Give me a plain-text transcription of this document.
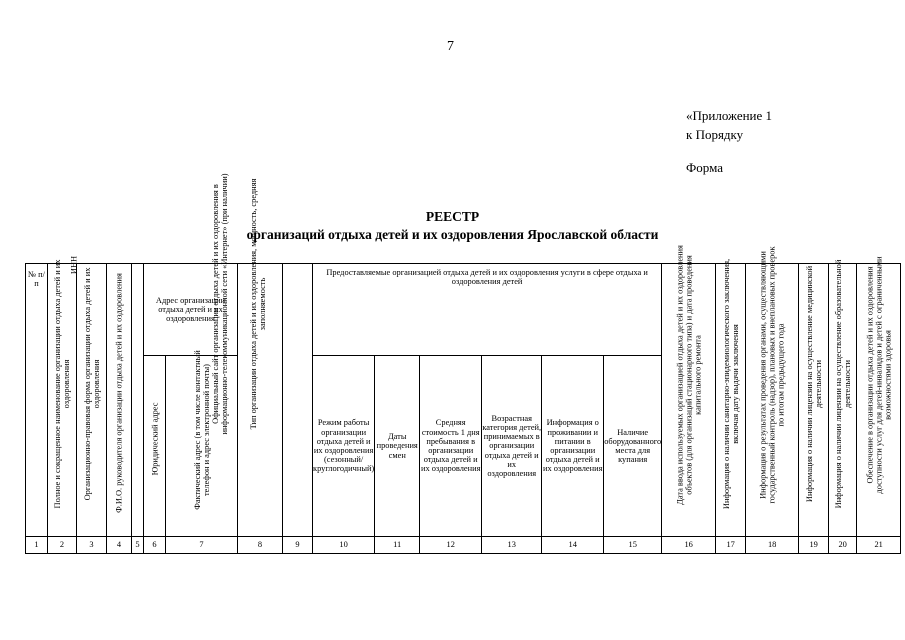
7
«Приложение 1
к Порядку
Форма
РЕЕСТР
организаций отдыха детей и их оздоровления Ярославской области
№ п/п	Полное и сокращенное наименование организации отдыха детей и их оздоровления	Организационно-правовая форма организации отдыха детей и их оздоровления	Ф.И.О. руководителя организации отдыха детей и их оздоровления	ИНН	Адрес организации отдыха детей и их оздоровления		Официальный сайт организации отдыха детей и их оздоровления в информационно-телекоммуникационной сети «Интернет» (при наличии)	Тип организации отдыха детей и их оздоровления, мощность, средняя заполняемость	Предоставляемые организацией отдыха детей и их оздоровления услуги в сфере отдыха и оздоровления детей						Дата ввода используемых организацией отдыха детей и их оздоровления объектов (для организаций стационарного типа) и дата проведения капитального ремонта	Информация о наличии санитарно-эпидемиологического заключения, включая дату выдачи заключения	Информация о результатах проведения органами, осуществляющими государственный контроль (надзор), плановых и внеплановых проверок по итогам предыдущего года	Информация о наличии лицензии на осуществление медицинской деятельности	Информация о наличии лицензии на осуществление образовательной деятельности	Обеспечение в организации отдыха детей и их оздоровления доступности услуг для детей-инвалидов и детей с ограниченными возможностями здоровья

					Юридический адрес	Фактический адрес (в том числе контактный телефон и адрес электронной почты)			Режим работы организации отдыха детей и их оздоровления (сезонный/ круглогодичный)	Даты проведения смен	Средняя стоимость 1 дня пребывания в организации отдыха детей и их оздоровления	Возрастная категория детей, принимаемых в организации отдыха детей и их оздоровления	Информация о проживании и питании в организации отдыха детей и их оздоровления	Наличие оборудованного места для купания						
1	2	3	4	5	6	7	8	9	10	11	12	13	14	15	16	17	18	19	20	21
